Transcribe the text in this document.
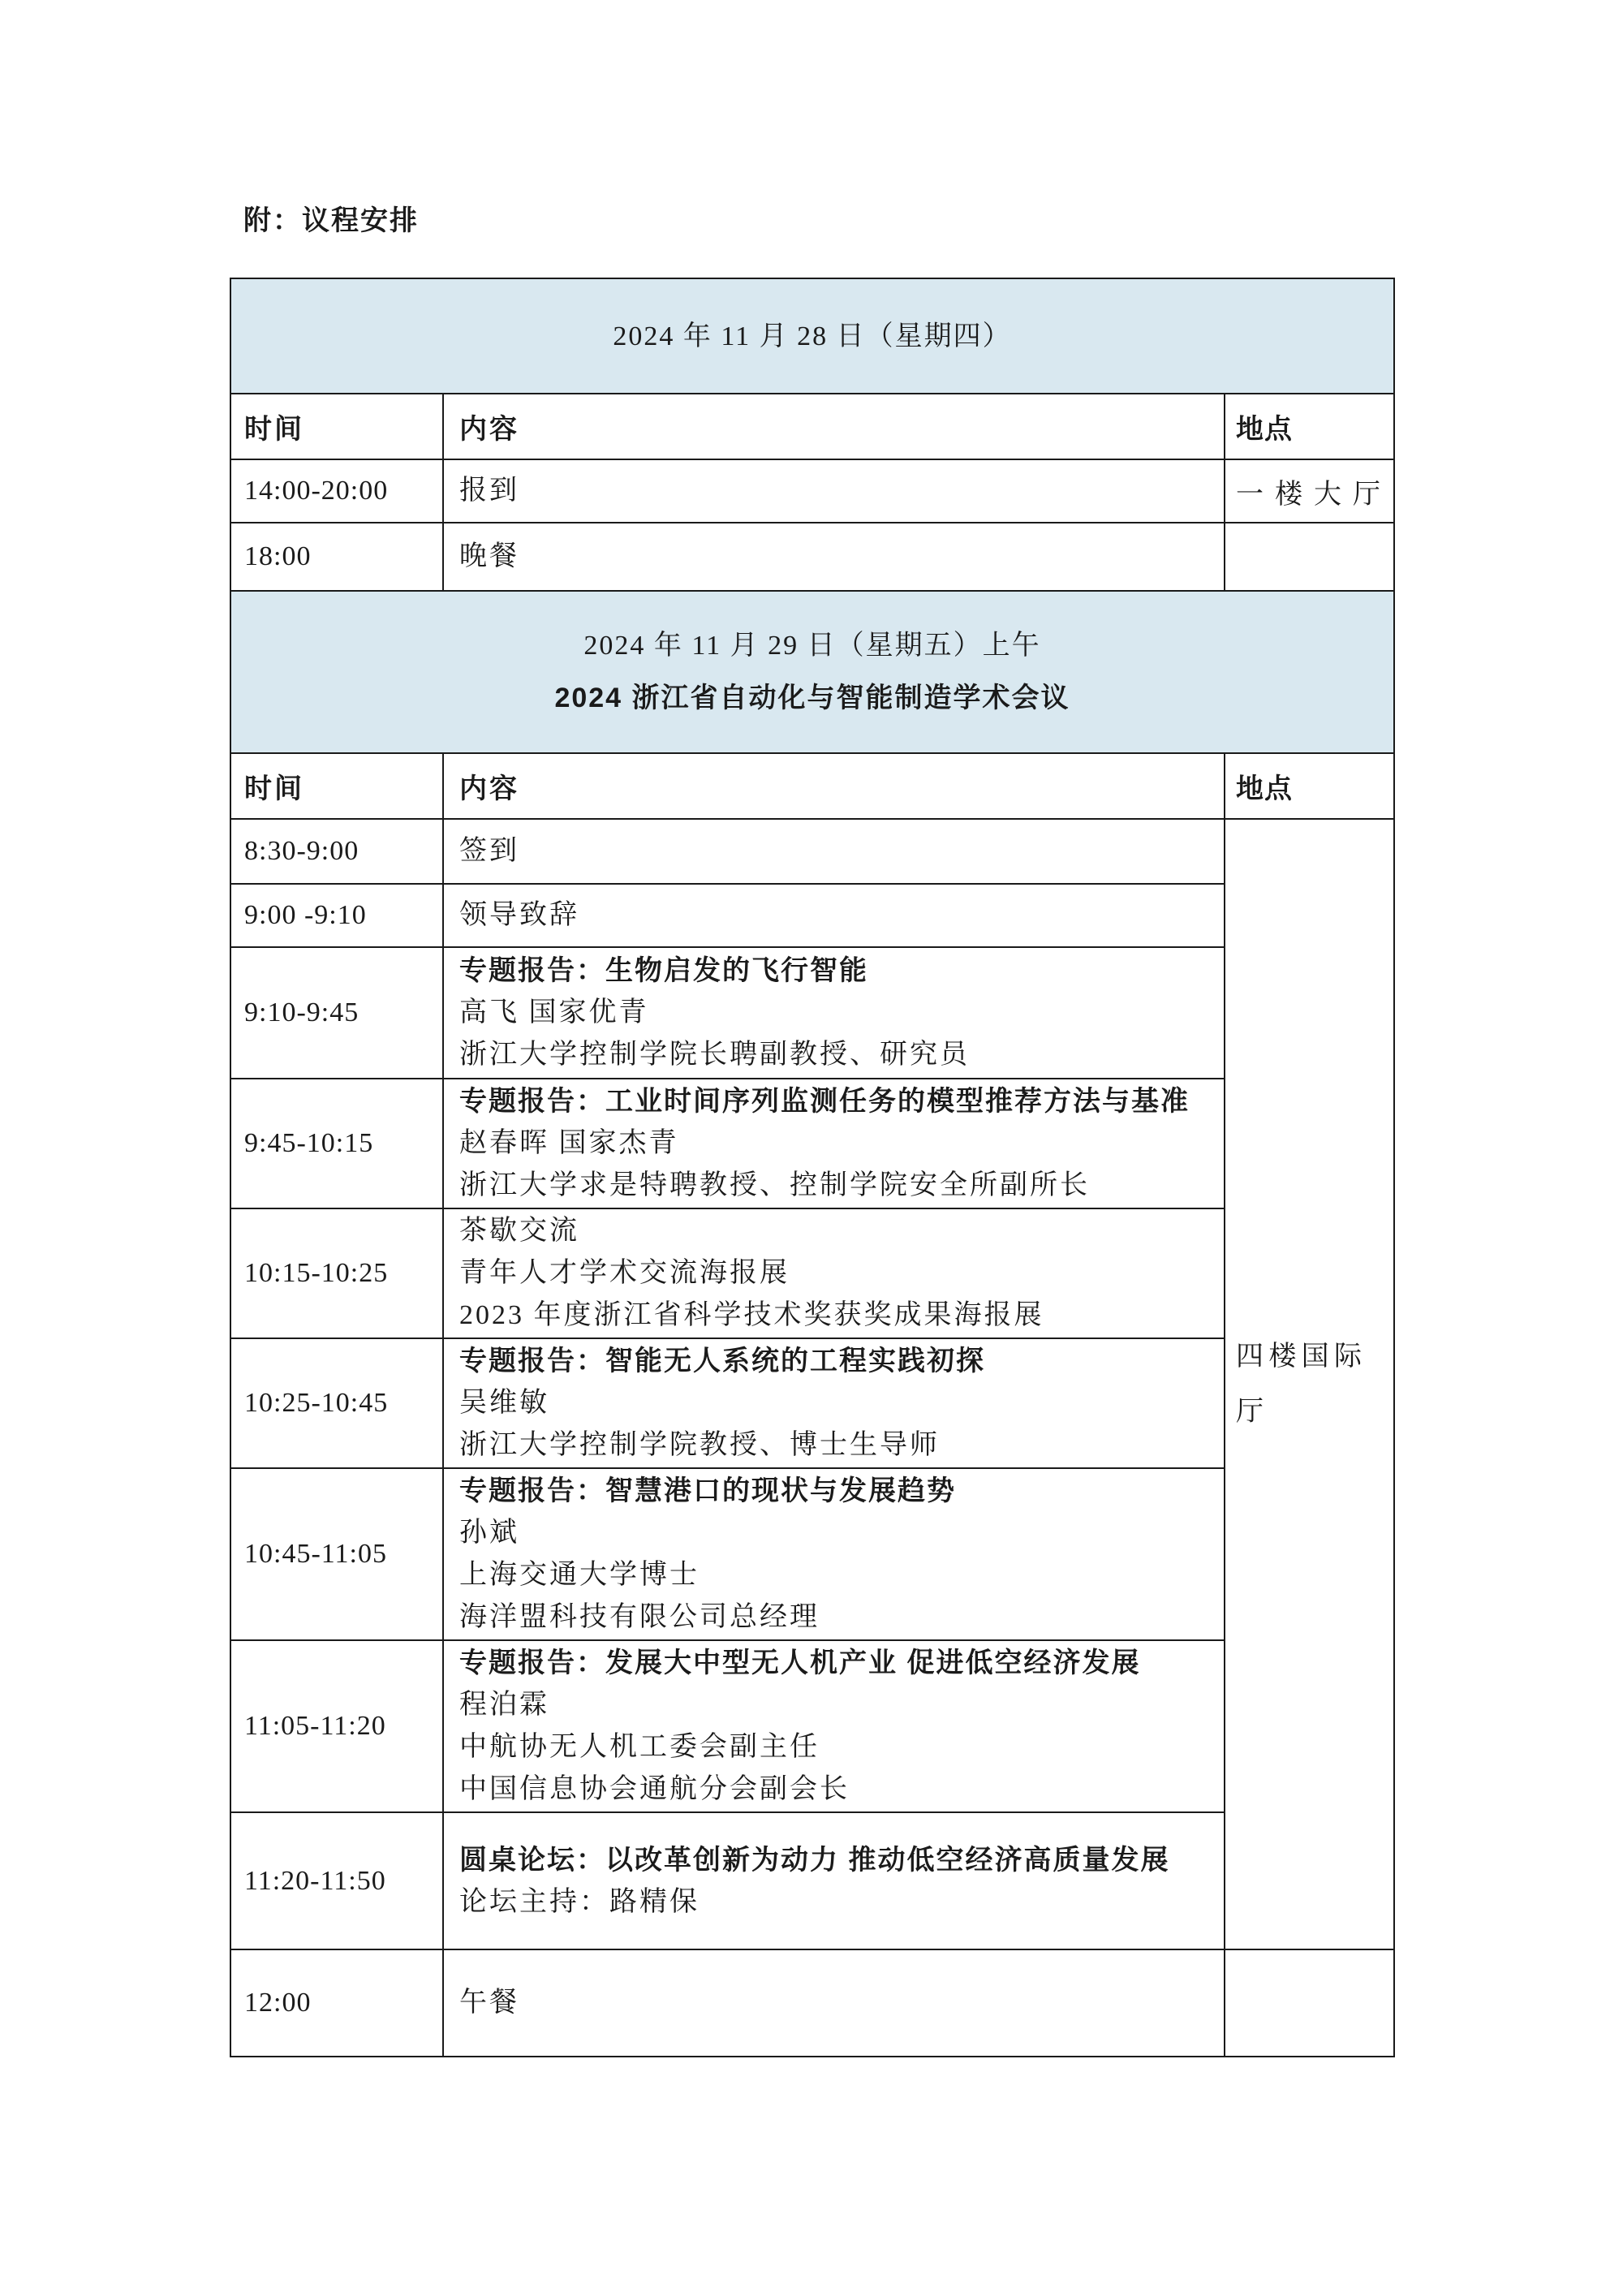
附：议程安排
2024 年 11 月 28 日（星期四）		

时间	内容	地点
14:00-20:00	报到	一楼大厅

18:00	晚餐	

2024 年 11 月 29 日（星期五）上午
2024 浙江省自动化与智能制造学术会议		

时间	内容	地点
8:30-9:00	签到	四楼国际厅

9:00 -9:10	领导致辞	

9:10-9:45	专题报告：生物启发的飞行智能
高飞 国家优青
浙江大学控制学院长聘副教授、研究员	

9:45-10:15	专题报告：工业时间序列监测任务的模型推荐方法与基准
赵春晖 国家杰青
浙江大学求是特聘教授、控制学院安全所副所长	

10:15-10:25	茶歇交流
青年人才学术交流海报展
2023 年度浙江省科学技术奖获奖成果海报展	

10:25-10:45	专题报告：智能无人系统的工程实践初探
吴维敏
浙江大学控制学院教授、博士生导师	

10:45-11:05	专题报告：智慧港口的现状与发展趋势
孙斌
上海交通大学博士
海洋盟科技有限公司总经理	

11:05-11:20	专题报告：发展大中型无人机产业 促进低空经济发展
程泊霖
中航协无人机工委会副主任
中国信息协会通航分会副会长	

11:20-11:50	圆桌论坛：以改革创新为动力 推动低空经济高质量发展
论坛主持：路精保	

12:00	午餐	
